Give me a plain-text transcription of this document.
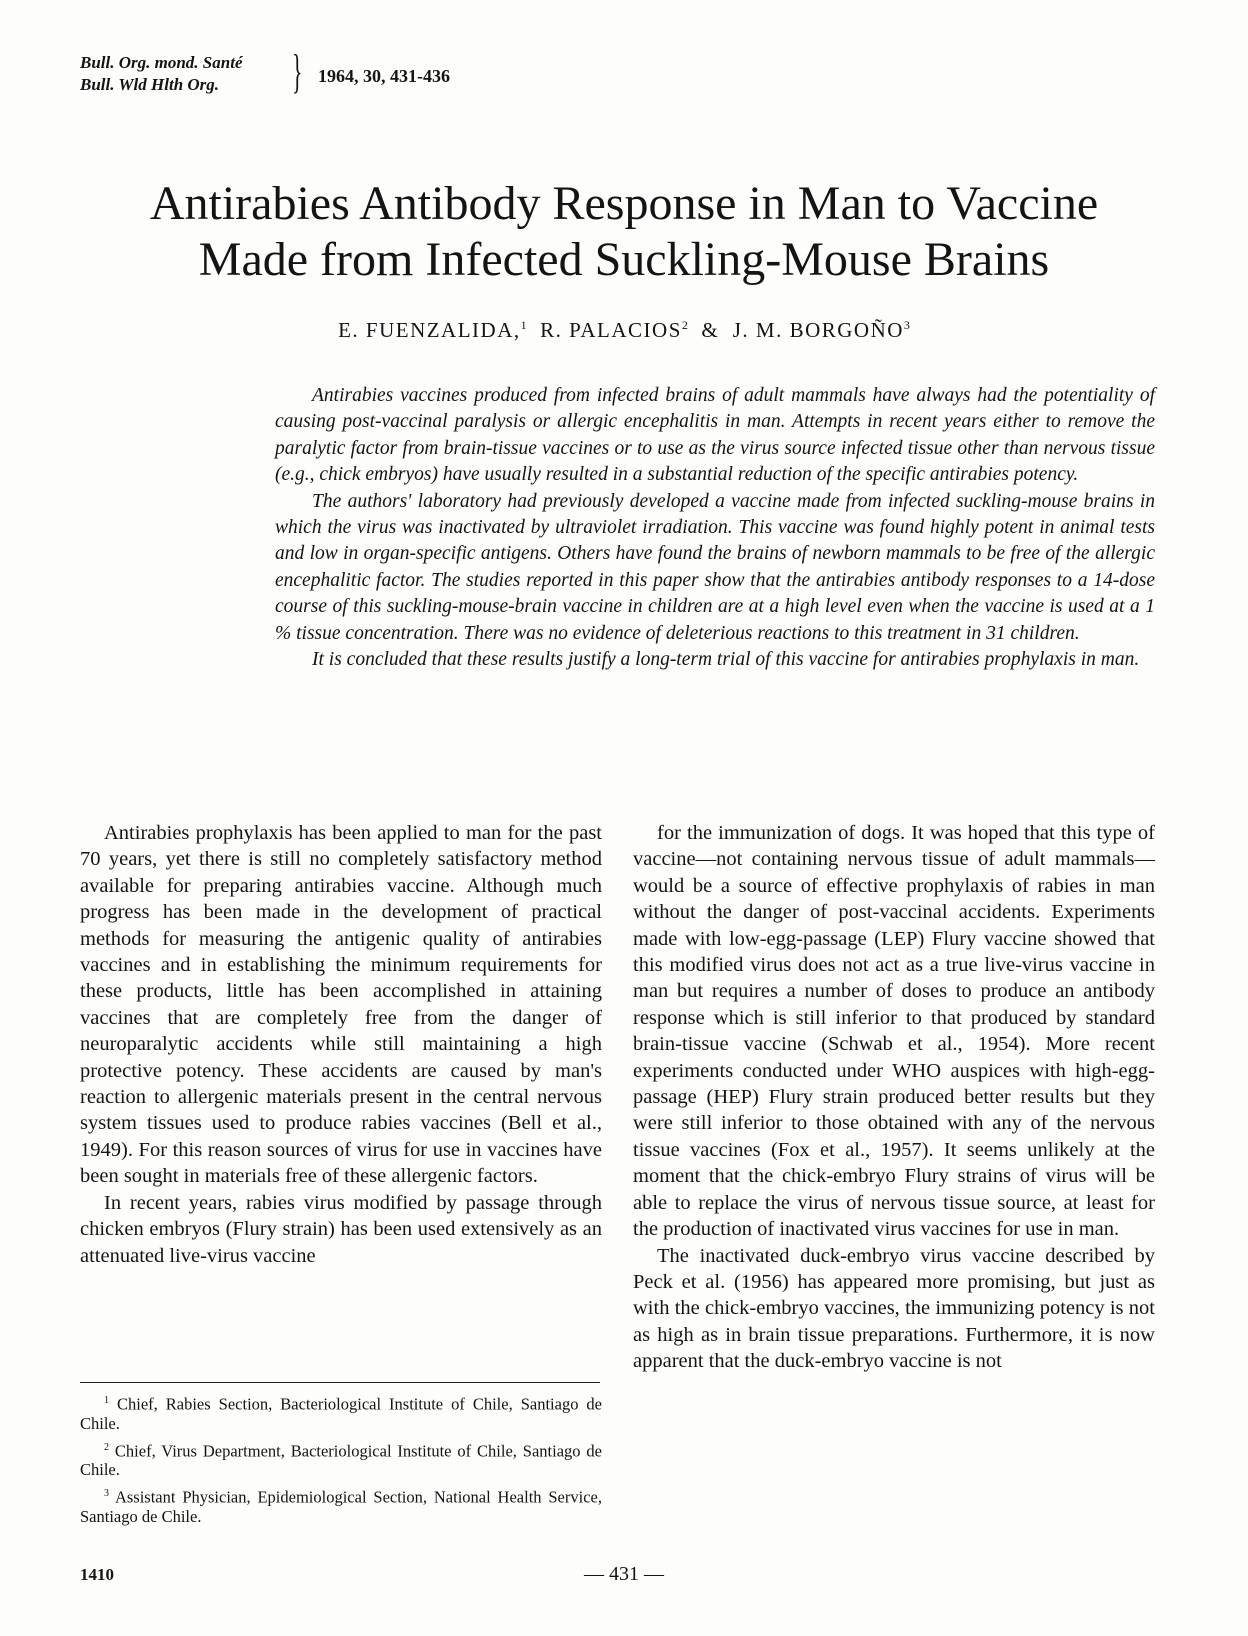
Bull. Org. mond. Santé
Bull. Wld Hlth Org.	} 1964, 30, 431-436
Antirabies Antibody Response in Man to Vaccine
Made from Infected Suckling-Mouse Brains
E. FUENZALIDA,$^1$ R. PALACIOS$^2$ & J. M. BORGOÑO$^3$

Antirabies vaccines produced from infected brains of adult mammals have always had the potentiality of causing post-vaccinal paralysis or allergic encephalitis in man. Attempts in recent years either to remove the paralytic factor from brain-tissue vaccines or to use as the virus source infected tissue other than nervous tissue (e.g., chick embryos) have usually resulted in a substantial reduction of the specific antirabies potency.

The authors' laboratory had previously developed a vaccine made from infected suckling-mouse brains in which the virus was inactivated by ultraviolet irradiation. This vaccine was found highly potent in animal tests and low in organ-specific antigens. Others have found the brains of newborn mammals to be free of the allergic encephalitic factor. The studies reported in this paper show that the antirabies antibody responses to a 14-dose course of this suckling-mouse-brain vaccine in children are at a high level even when the vaccine is used at a 1 % tissue concentration. There was no evidence of deleterious reactions to this treatment in 31 children.

It is concluded that these results justify a long-term trial of this vaccine for antirabies prophylaxis in man.

Antirabies prophylaxis has been applied to man for the past 70 years, yet there is still no completely satisfactory method available for preparing antirabies vaccine. Although much progress has been made in the development of practical methods for measuring the antigenic quality of antirabies vaccines and in establishing the minimum requirements for these products, little has been accomplished in attaining vaccines that are completely free from the danger of neuroparalytic accidents while still maintaining a high protective potency. These accidents are caused by man's reaction to allergenic materials present in the central nervous system tissues used to produce rabies vaccines (Bell et al., 1949). For this reason sources of virus for use in vaccines have been sought in materials free of these allergenic factors.

In recent years, rabies virus modified by passage through chicken embryos (Flury strain) has been used extensively as an attenuated live-virus vaccine

for the immunization of dogs. It was hoped that this type of vaccine—not containing nervous tissue of adult mammals—would be a source of effective prophylaxis of rabies in man without the danger of post-vaccinal accidents. Experiments made with low-egg-passage (LEP) Flury vaccine showed that this modified virus does not act as a true live-virus vaccine in man but requires a number of doses to produce an antibody response which is still inferior to that produced by standard brain-tissue vaccine (Schwab et al., 1954). More recent experiments conducted under WHO auspices with high-egg-passage (HEP) Flury strain produced better results but they were still inferior to those obtained with any of the nervous tissue vaccines (Fox et al., 1957). It seems unlikely at the moment that the chick-embryo Flury strains of virus will be able to replace the virus of nervous tissue source, at least for the production of inactivated virus vaccines for use in man.

The inactivated duck-embryo virus vaccine described by Peck et al. (1956) has appeared more promising, but just as with the chick-embryo vaccines, the immunizing potency is not as high as in brain tissue preparations. Furthermore, it is now apparent that the duck-embryo vaccine is not

$^1$ Chief, Rabies Section, Bacteriological Institute of Chile, Santiago de Chile.

$^2$ Chief, Virus Department, Bacteriological Institute of Chile, Santiago de Chile.

$^3$ Assistant Physician, Epidemiological Section, National Health Service, Santiago de Chile.

1410	— 431 —
